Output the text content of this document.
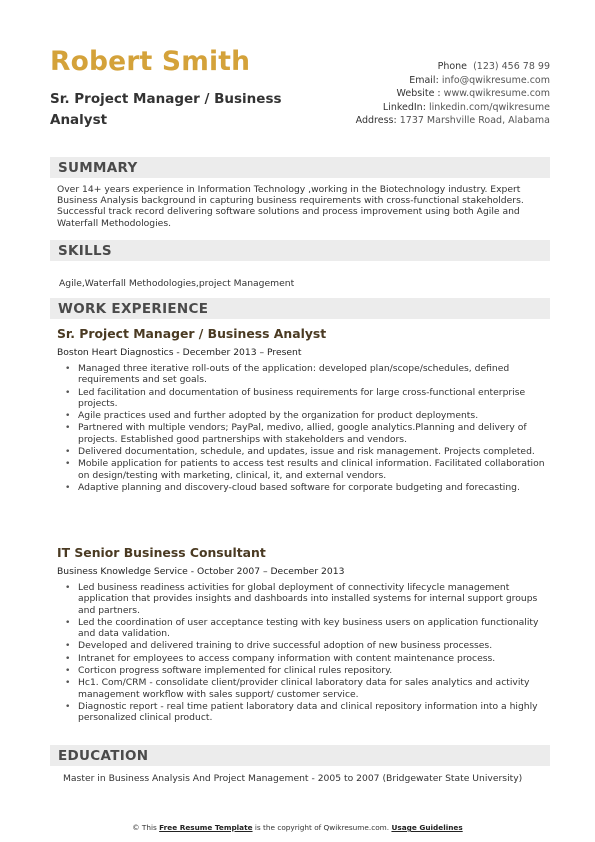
Robert Smith
Sr. Project Manager / Business Analyst
Phone (123) 456 78 99
Email: info@qwikresume.com
Website : www.qwikresume.com
LinkedIn: linkedin.com/qwikresume
Address: 1737 Marshville Road, Alabama
SUMMARY

Over 14+ years experience in Information Technology ,working in the Biotechnology industry. Expert Business Analysis background in capturing business requirements with cross-functional stakeholders. Successful track record delivering software solutions and process improvement using both Agile and Waterfall Methodologies.

SKILLS

Agile,Waterfall Methodologies,project Management

WORK EXPERIENCE
Sr. Project Manager / Business Analyst
Boston Heart Diagnostics - December 2013 – Present
• Managed three iterative roll-outs of the application: developed plan/scope/schedules, defined requirements and set goals.
• Led facilitation and documentation of business requirements for large cross-functional enterprise projects.
• Agile practices used and further adopted by the organization for product deployments.
• Partnered with multiple vendors; PayPal, medivo, allied, google analytics.Planning and delivery of projects. Established good partnerships with stakeholders and vendors.
• Delivered documentation, schedule, and updates, issue and risk management. Projects completed.
• Mobile application for patients to access test results and clinical information. Facilitated collaboration on design/testing with marketing, clinical, it, and external vendors.
• Adaptive planning and discovery-cloud based software for corporate budgeting and forecasting.
IT Senior Business Consultant
Business Knowledge Service - October 2007 – December 2013
• Led business readiness activities for global deployment of connectivity lifecycle management application that provides insights and dashboards into installed systems for internal support groups and partners.
• Led the coordination of user acceptance testing with key business users on application functionality and data validation.
• Developed and delivered training to drive successful adoption of new business processes.
• Intranet for employees to access company information with content maintenance process.
• Corticon progress software implemented for clinical rules repository.
• Hc1. Com/CRM - consolidate client/provider clinical laboratory data for sales analytics and activity management workflow with sales support/ customer service.
• Diagnostic report - real time patient laboratory data and clinical repository information into a highly personalized clinical product.
EDUCATION

Master in Business Analysis And Project Management - 2005 to 2007 (Bridgewater State University)

© This Free Resume Template is the copyright of Qwikresume.com. Usage Guidelines
